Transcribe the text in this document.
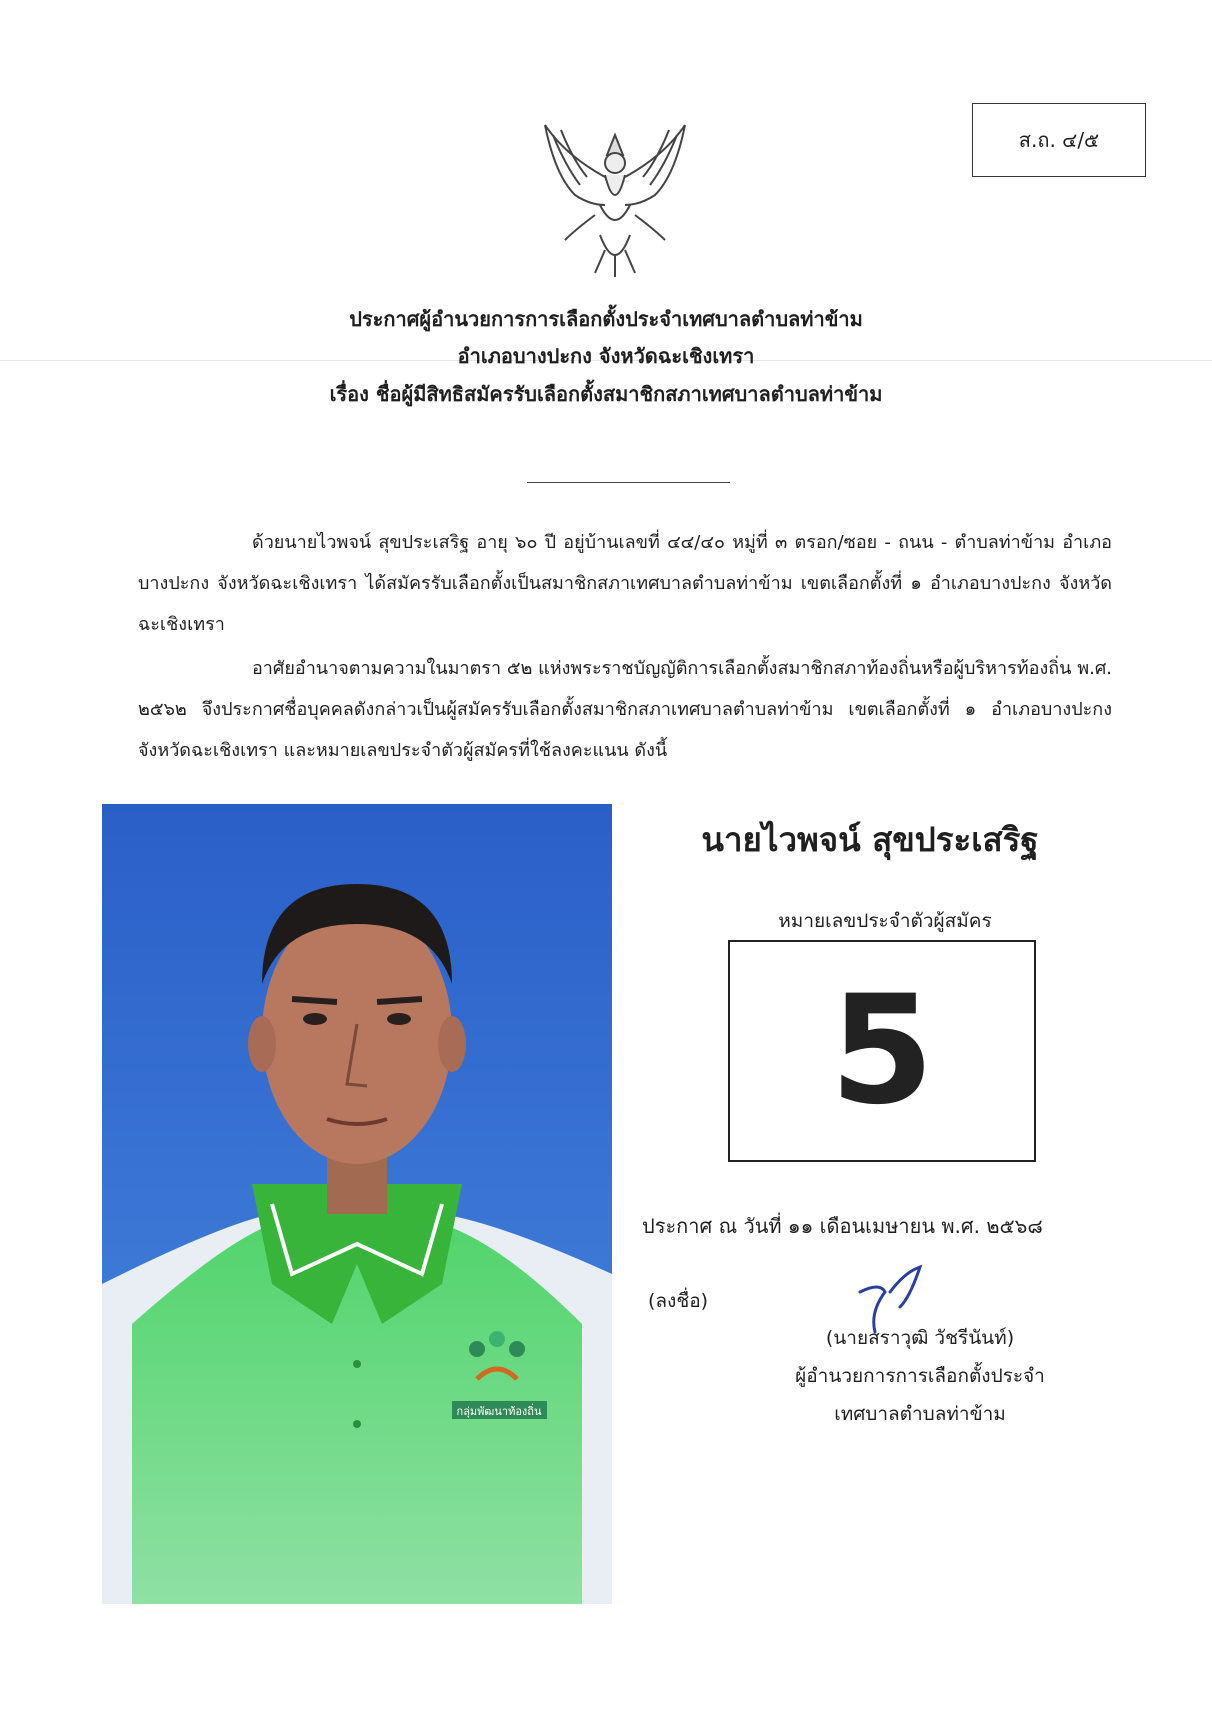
ส.ถ. ๔/๕
ประกาศผู้อำนวยการการเลือกตั้งประจำเทศบาลตำบลท่าข้าม
อำเภอบางปะกง จังหวัดฉะเชิงเทรา
เรื่อง ชื่อผู้มีสิทธิสมัครรับเลือกตั้งสมาชิกสภาเทศบาลตำบลท่าข้าม
ด้วยนายไวพจน์ สุขประเสริฐ อายุ ๖๐ ปี อยู่บ้านเลขที่ ๔๔/๔๐ หมู่ที่ ๓ ตรอก/ซอย - ถนน - ตำบลท่าข้าม อำเภอบางปะกง จังหวัดฉะเชิงเทรา ได้สมัครรับเลือกตั้งเป็นสมาชิกสภาเทศบาลตำบลท่าข้าม เขตเลือกตั้งที่ ๑ อำเภอบางปะกง จังหวัดฉะเชิงเทรา
อาศัยอำนาจตามความในมาตรา ๕๒ แห่งพระราชบัญญัติการเลือกตั้งสมาชิกสภาท้องถิ่นหรือผู้บริหารท้องถิ่น พ.ศ. ๒๕๖๒ จึงประกาศชื่อบุคคลดังกล่าวเป็นผู้สมัครรับเลือกตั้งสมาชิกสภาเทศบาลตำบลท่าข้าม เขตเลือกตั้งที่ ๑ อำเภอบางปะกง จังหวัดฉะเชิงเทรา และหมายเลขประจำตัวผู้สมัครที่ใช้ลงคะแนน ดังนี้
กลุ่มพัฒนาท้องถิ่น
นายไวพจน์ สุขประเสริฐ
หมายเลขประจำตัวผู้สมัคร
5
ประกาศ ณ วันที่ ๑๑ เดือนเมษายน พ.ศ. ๒๕๖๘
(ลงชื่อ)
(นายสราวุฒิ วัชรีนันท์)
ผู้อำนวยการการเลือกตั้งประจำ
เทศบาลตำบลท่าข้าม
